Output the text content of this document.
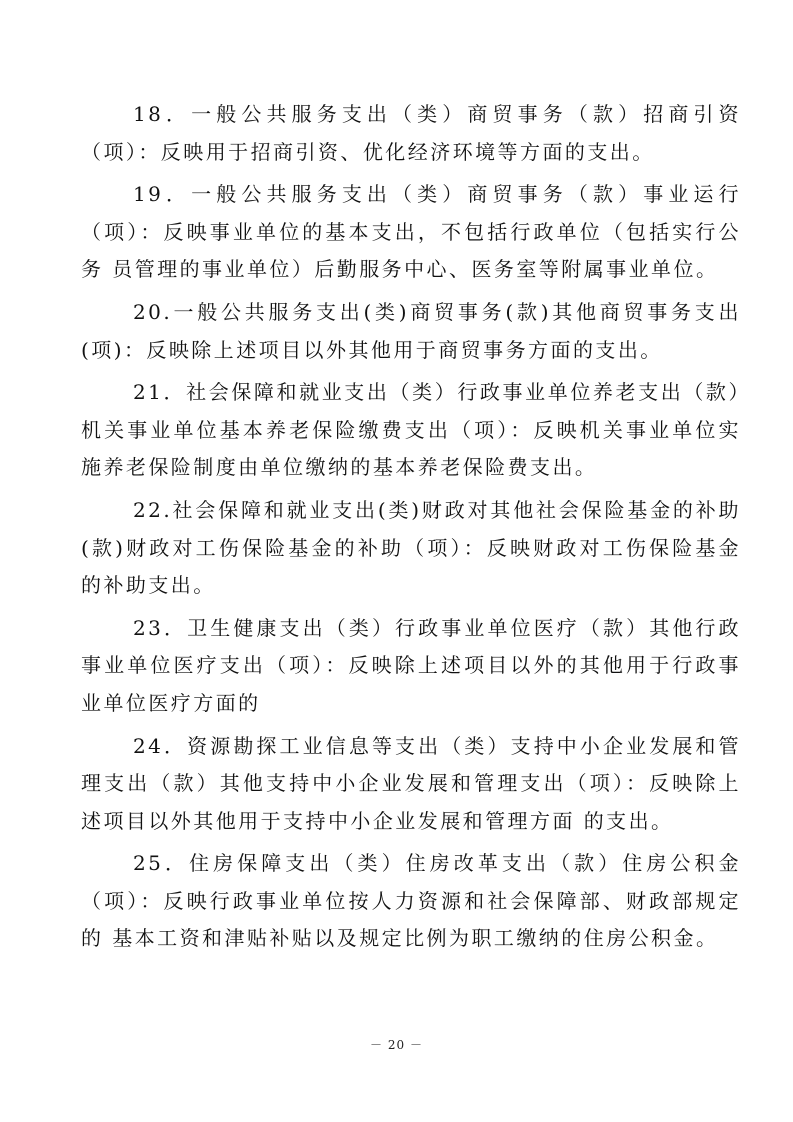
18．一般公共服务支出（类）商贸事务（款）招商引资（项）：反映用于招商引资、优化经济环境等方面的支出。

19．一般公共服务支出（类）商贸事务（款）事业运行（项）：反映事业单位的基本支出，不包括行政单位（包括实行公务 员管理的事业单位）后勤服务中心、医务室等附属事业单位。

20.一般公共服务支出(类)商贸事务(款)其他商贸事务支出(项)：反映除上述项目以外其他用于商贸事务方面的支出。

21．社会保障和就业支出（类）行政事业单位养老支出（款）机关事业单位基本养老保险缴费支出（项）：反映机关事业单位实施养老保险制度由单位缴纳的基本养老保险费支出。

22.社会保障和就业支出(类)财政对其他社会保险基金的补助(款)财政对工伤保险基金的补助（项）：反映财政对工伤保险基金的补助支出。

23．卫生健康支出（类）行政事业单位医疗（款）其他行政事业单位医疗支出（项）：反映除上述项目以外的其他用于行政事业单位医疗方面的

24．资源勘探工业信息等支出（类）支持中小企业发展和管理支出（款）其他支持中小企业发展和管理支出（项）：反映除上述项目以外其他用于支持中小企业发展和管理方面 的支出。

25．住房保障支出（类）住房改革支出（款）住房公积金（项）：反映行政事业单位按人力资源和社会保障部、财政部规定的 基本工资和津贴补贴以及规定比例为职工缴纳的住房公积金。

－ 20 －
